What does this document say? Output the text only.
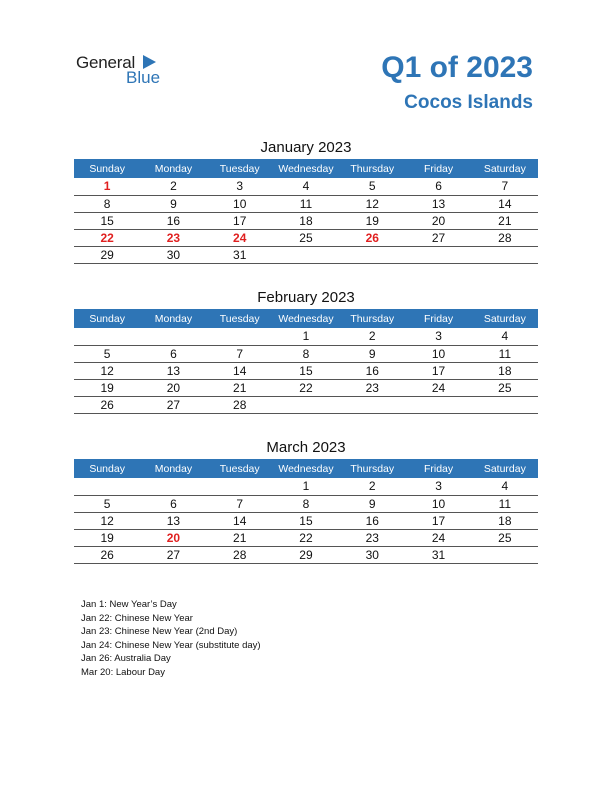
General
Blue	Q1 of 2023
Cocos Islands
January 2023
Sunday	Monday	Tuesday	Wednesday	Thursday	Friday	Saturday
1	2	3	4	5	6	7
8	9	10	11	12	13	14
15	16	17	18	19	20	21
22	23	24	25	26	27	28
29	30	31				
February 2023
Sunday	Monday	Tuesday	Wednesday	Thursday	Friday	Saturday
			1	2	3	4
5	6	7	8	9	10	11
12	13	14	15	16	17	18
19	20	21	22	23	24	25
26	27	28				
March 2023
Sunday	Monday	Tuesday	Wednesday	Thursday	Friday	Saturday
			1	2	3	4
5	6	7	8	9	10	11
12	13	14	15	16	17	18
19	20	21	22	23	24	25
26	27	28	29	30	31	
Jan 1: New Year’s Day
Jan 22: Chinese New Year
Jan 23: Chinese New Year (2nd Day)
Jan 24: Chinese New Year (substitute day)
Jan 26: Australia Day
Mar 20: Labour Day
